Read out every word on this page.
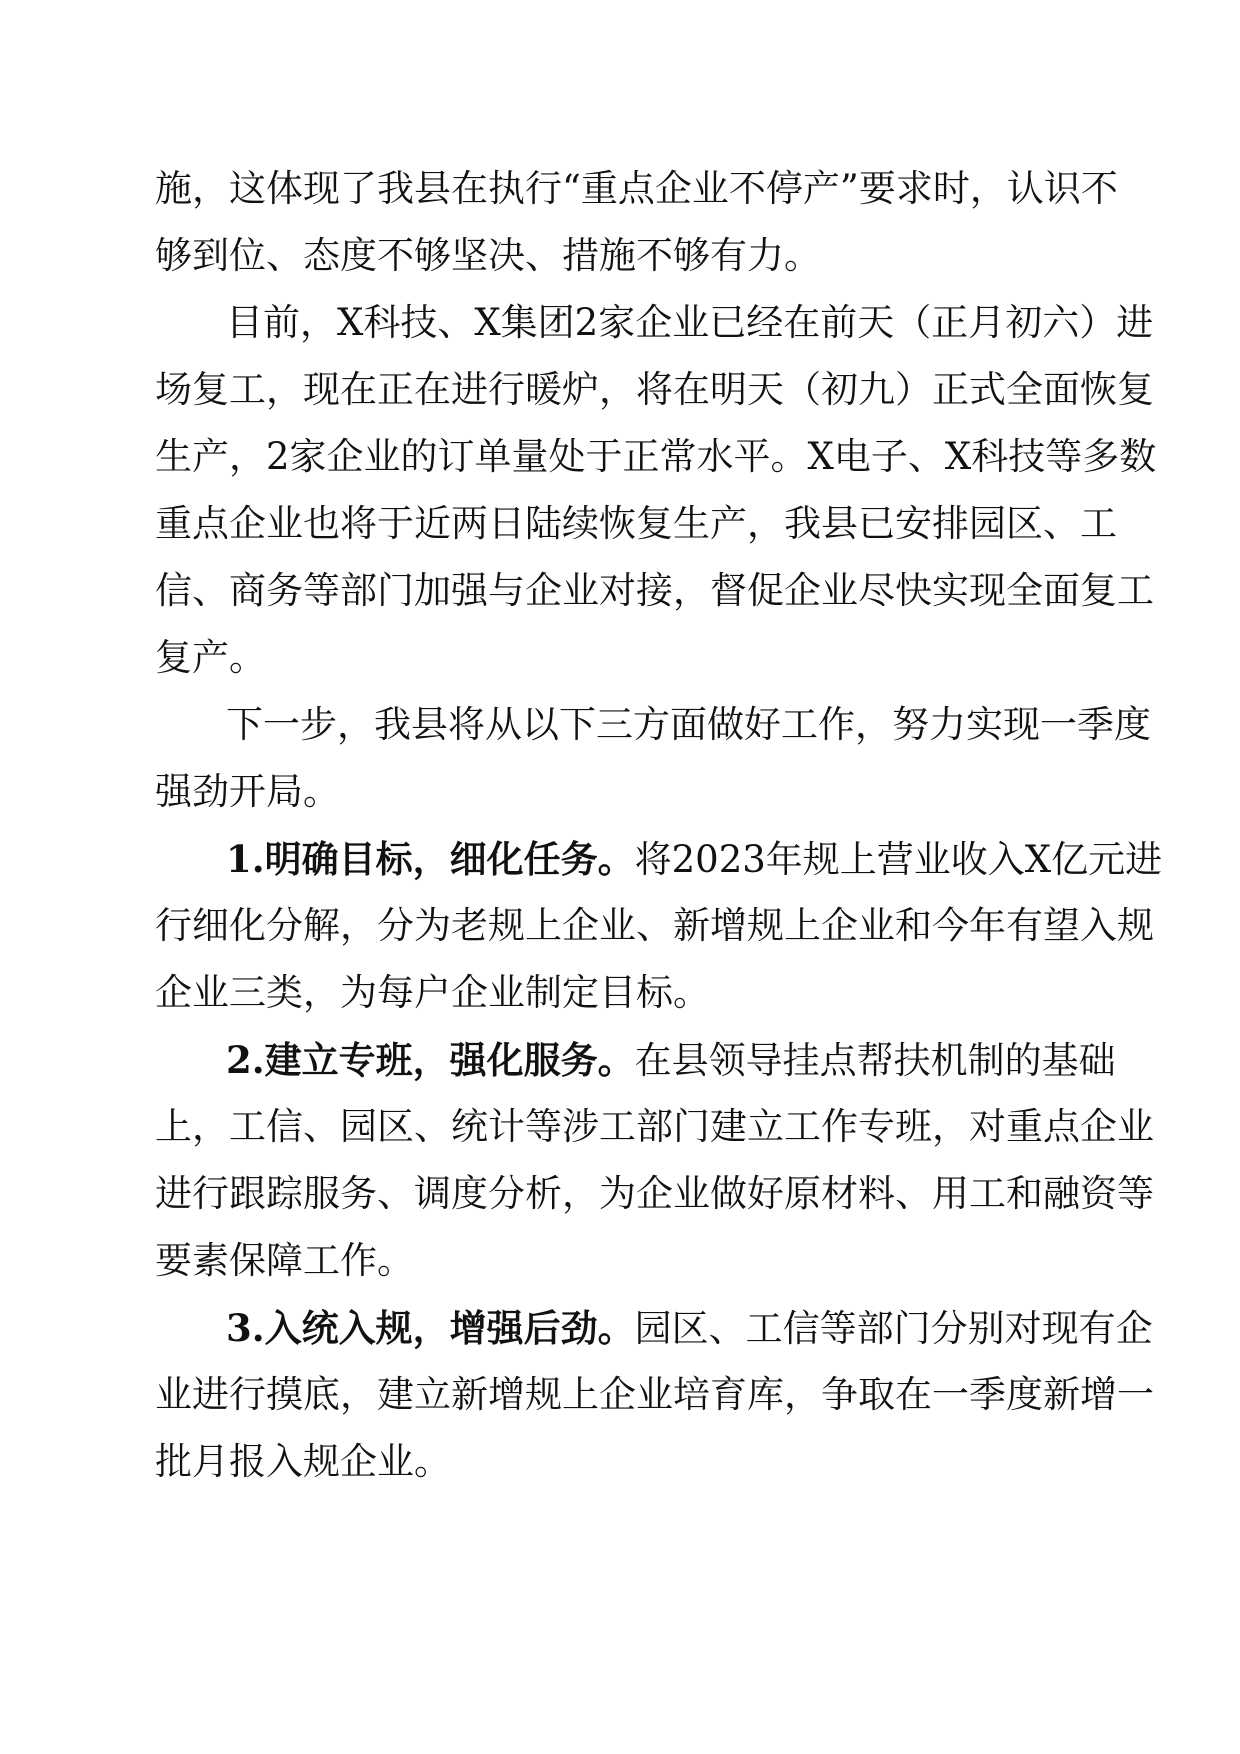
施，这体现了我县在执行“重点企业不停产”要求时，认识不
够到位、态度不够坚决、措施不够有力。
目前，X科技、X集团2家企业已经在前天（正月初六）进
场复工，现在正在进行暖炉，将在明天（初九）正式全面恢复
生产，2家企业的订单量处于正常水平。X电子、X科技等多数
重点企业也将于近两日陆续恢复生产，我县已安排园区、工
信、商务等部门加强与企业对接，督促企业尽快实现全面复工
复产。
下一步，我县将从以下三方面做好工作，努力实现一季度
强劲开局。
1.明确目标，细化任务。将2023年规上营业收入X亿元进
行细化分解，分为老规上企业、新增规上企业和今年有望入规
企业三类，为每户企业制定目标。
2.建立专班，强化服务。在县领导挂点帮扶机制的基础
上，工信、园区、统计等涉工部门建立工作专班，对重点企业
进行跟踪服务、调度分析，为企业做好原材料、用工和融资等
要素保障工作。
3.入统入规，增强后劲。园区、工信等部门分别对现有企
业进行摸底，建立新增规上企业培育库，争取在一季度新增一
批月报入规企业。
